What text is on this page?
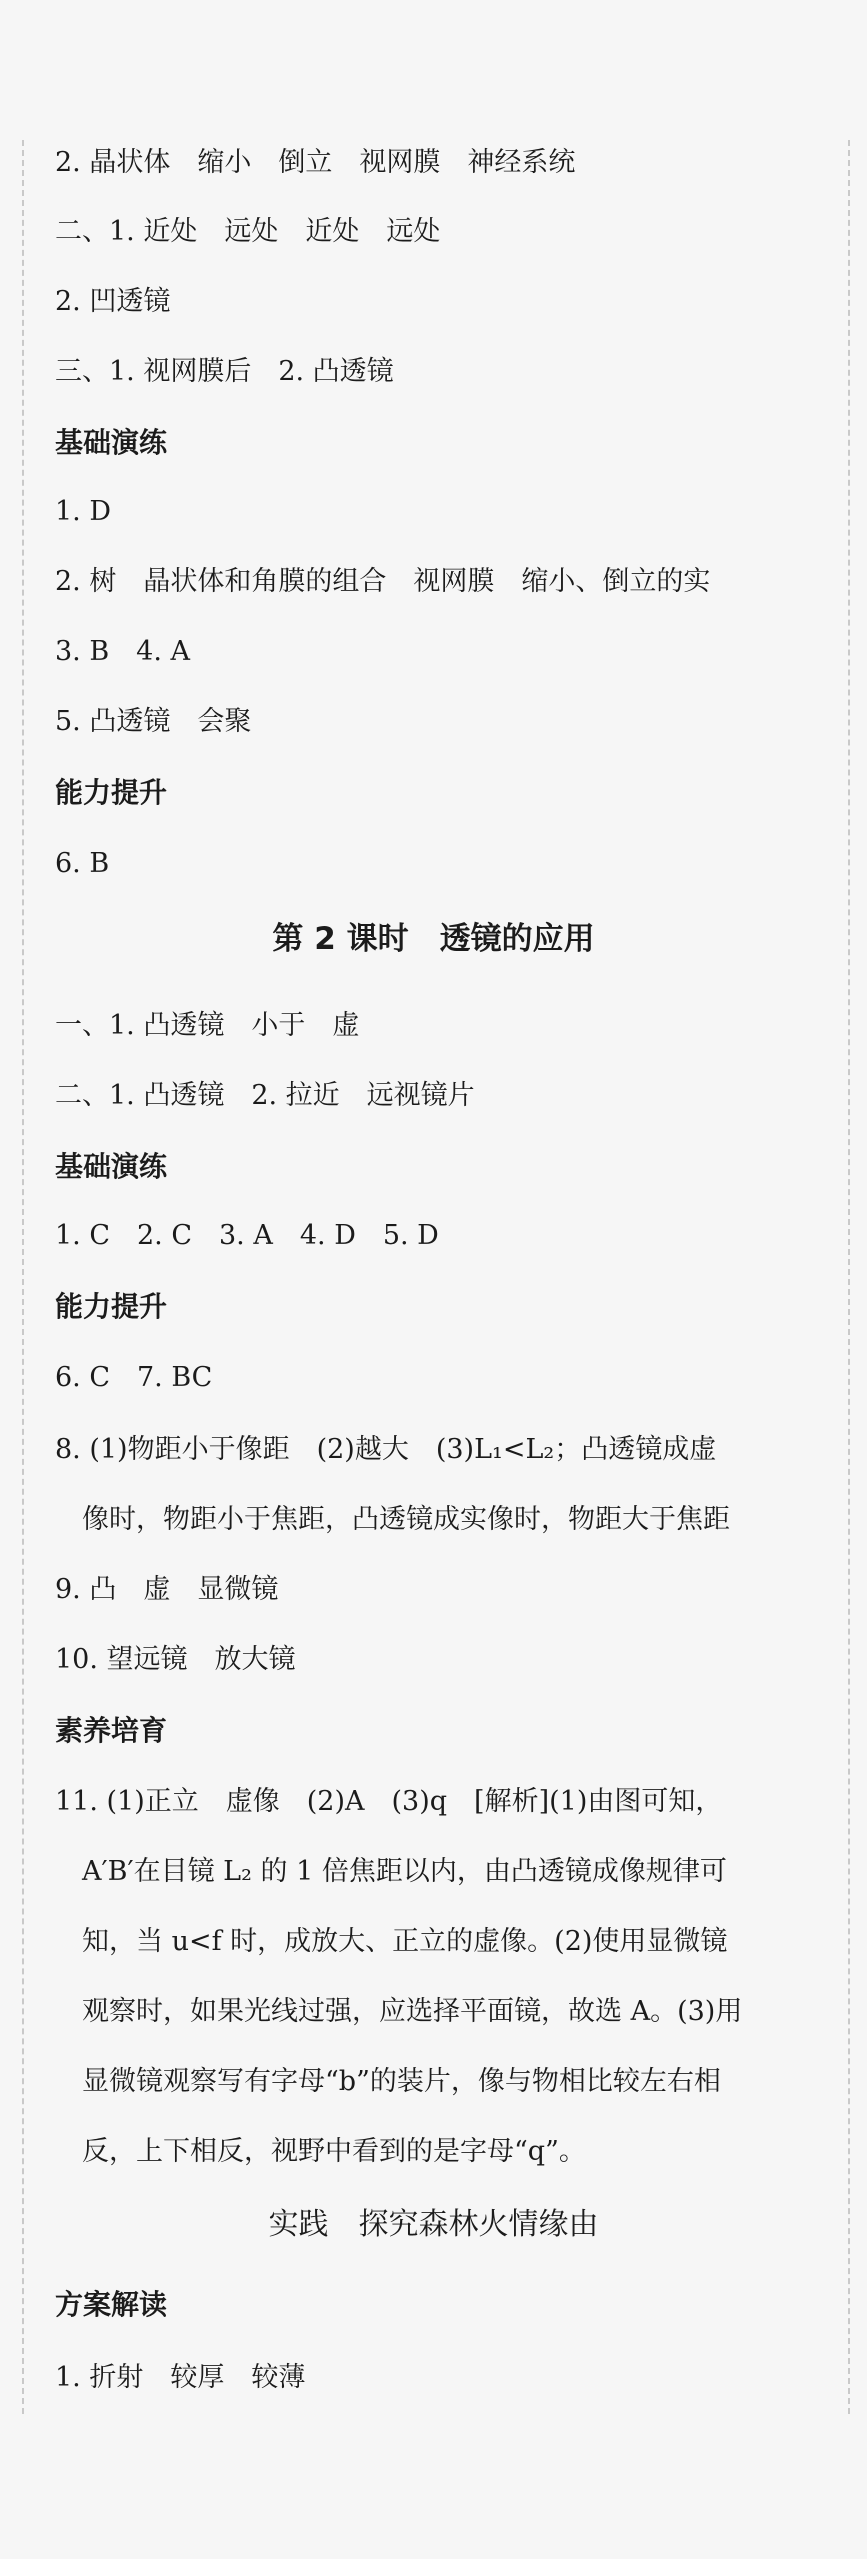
2. 晶状体　缩小　倒立　视网膜　神经系统
二、1. 近处　远处　近处　远处
2. 凹透镜
三、1. 视网膜后　2. 凸透镜
基础演练
1. D
2. 树　晶状体和角膜的组合　视网膜　缩小、倒立的实
3. B　4. A
5. 凸透镜　会聚
能力提升
6. B
第 2 课时　透镜的应用
一、1. 凸透镜　小于　虚
二、1. 凸透镜　2. 拉近　远视镜片
基础演练
1. C　2. C　3. A　4. D　5. D
能力提升
6. C　7. BC
8. (1)物距小于像距　(2)越大　(3)L₁<L₂；凸透镜成虚
像时，物距小于焦距，凸透镜成实像时，物距大于焦距
9. 凸　虚　显微镜
10. 望远镜　放大镜
素养培育
11. (1)正立　虚像　(2)A　(3)q　[解析](1)由图可知，
A′B′在目镜 L₂ 的 1 倍焦距以内，由凸透镜成像规律可
知，当 u<f 时，成放大、正立的虚像。(2)使用显微镜
观察时，如果光线过强，应选择平面镜，故选 A。(3)用
显微镜观察写有字母“b”的装片，像与物相比较左右相
反，上下相反，视野中看到的是字母“q”。
实践　探究森林火情缘由
方案解读
1. 折射　较厚　较薄
